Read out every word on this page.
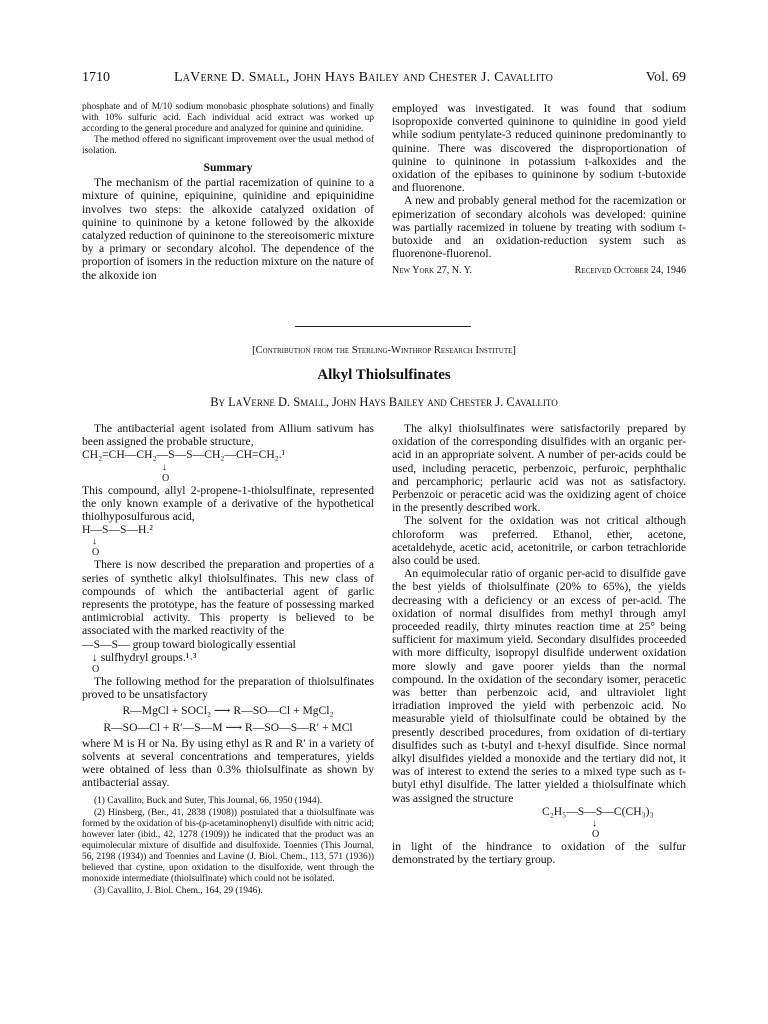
1710	LaVerne D. Small, John Hays Bailey and Chester J. Cavallito	Vol. 69

phosphate and of M/10 sodium monobasic phosphate solutions) and finally with 10% sulfuric acid. Each individual acid extract was worked up according to the general procedure and analyzed for quinine and quinidine.

The method offered no significant improvement over the usual method of isolation.

Summary

The mechanism of the partial racemization of quinine to a mixture of quinine, epiquinine, quinidine and epiquinidine involves two steps: the alkoxide catalyzed oxidation of quinine to quininone by a ketone followed by the alkoxide catalyzed reduction of quininone to the stereoisomeric mixture by a primary or secondary alcohol. The dependence of the proportion of isomers in the reduction mixture on the nature of the alkoxide ion

employed was investigated. It was found that sodium isopropoxide converted quininone to quinidine in good yield while sodium pentylate-3 reduced quininone predominantly to quinine. There was discovered the disproportionation of quinine to quininone in potassium t-alkoxides and the oxidation of the epibases to quininone by sodium t-butoxide and fluorenone.

A new and probably general method for the racemization or epimerization of secondary alcohols was developed: quinine was partially racemized in toluene by treating with sodium t-butoxide and an oxidation-reduction system such as fluorenone-fluorenol.

New York 27, N. Y.	Received October 24, 1946
[Contribution from the Sterling-Winthrop Research Institute]
Alkyl Thiolsulfinates
By LaVerne D. Small, John Hays Bailey and Chester J. Cavallito

The antibacterial agent isolated from Allium sativum has been assigned the probable structure,

CH₂=CH—CH₂—S—S—CH₂—CH=CH₂.¹

↓

O

This compound, allyl 2-propene-1-thiolsulfinate, represented the only known example of a derivative of the hypothetical thiolhyposulfurous acid,

H—S—S—H.²

↓

O

There is now described the preparation and properties of a series of synthetic alkyl thiolsulfinates. This new class of compounds of which the antibacterial agent of garlic represents the prototype, has the feature of possessing marked antimicrobial activity. This property is believed to be associated with the marked reactivity of the

—S—S— group toward biologically essential

↓ sulfhydryl groups.¹˒³

O

The following method for the preparation of thiolsulfinates proved to be unsatisfactory

R—MgCl + SOCl₂ ⟶ R—SO—Cl + MgCl₂

R—SO—Cl + R′—S—M ⟶ R—SO—S—R′ + MCl

where M is H or Na. By using ethyl as R and R′ in a variety of solvents at several concentrations and temperatures, yields were obtained of less than 0.3% thiolsulfinate as shown by antibacterial assay.

(1) Cavallito, Buck and Suter, This Journal, 66, 1950 (1944).

(2) Hinsberg, (Ber., 41, 2838 (1908)) postulated that a thiolsulfinate was formed by the oxidation of bis-(p-acetaminophenyl) disulfide with nitric acid; however later (ibid., 42, 1278 (1909)) he indicated that the product was an equimolecular mixture of disulfide and disulfoxide. Toennies (This Journal, 56, 2198 (1934)) and Toennies and Lavine (J. Biol. Chem., 113, 571 (1936)) believed that cystine, upon oxidation to the disulfoxide, went through the monoxide intermediate (thiolsulfinate) which could not be isolated.

(3) Cavallito, J. Biol. Chem., 164, 29 (1946).

The alkyl thiolsulfinates were satisfactorily prepared by oxidation of the corresponding disulfides with an organic per-acid in an appropriate solvent. A number of per-acids could be used, including peracetic, perbenzoic, perfuroic, perphthalic and percamphoric; perlauric acid was not as satisfactory. Perbenzoic or peracetic acid was the oxidizing agent of choice in the presently described work.

The solvent for the oxidation was not critical although chloroform was preferred. Ethanol, ether, acetone, acetaldehyde, acetic acid, acetonitrile, or carbon tetrachloride also could be used.

An equimolecular ratio of organic per-acid to disulfide gave the best yields of thiolsulfinate (20% to 65%), the yields decreasing with a deficiency or an excess of per-acid. The oxidation of normal disulfides from methyl through amyl proceeded readily, thirty minutes reaction time at 25° being sufficient for maximum yield. Secondary disulfides proceeded with more difficulty, isopropyl disulfide underwent oxidation more slowly and gave poorer yields than the normal compound. In the oxidation of the secondary isomer, peracetic was better than perbenzoic acid, and ultraviolet light irradiation improved the yield with perbenzoic acid. No measurable yield of thiolsulfinate could be obtained by the presently described procedures, from oxidation of di-tertiary disulfides such as t-butyl and t-hexyl disulfide. Since normal alkyl disulfides yielded a monoxide and the tertiary did not, it was of interest to extend the series to a mixed type such as t-butyl ethyl disulfide. The latter yielded a thiolsulfinate which was assigned the structure

C₂H₅—S—S—C(CH₃)₃

↓

O

in light of the hindrance to oxidation of the sulfur demonstrated by the tertiary group.
